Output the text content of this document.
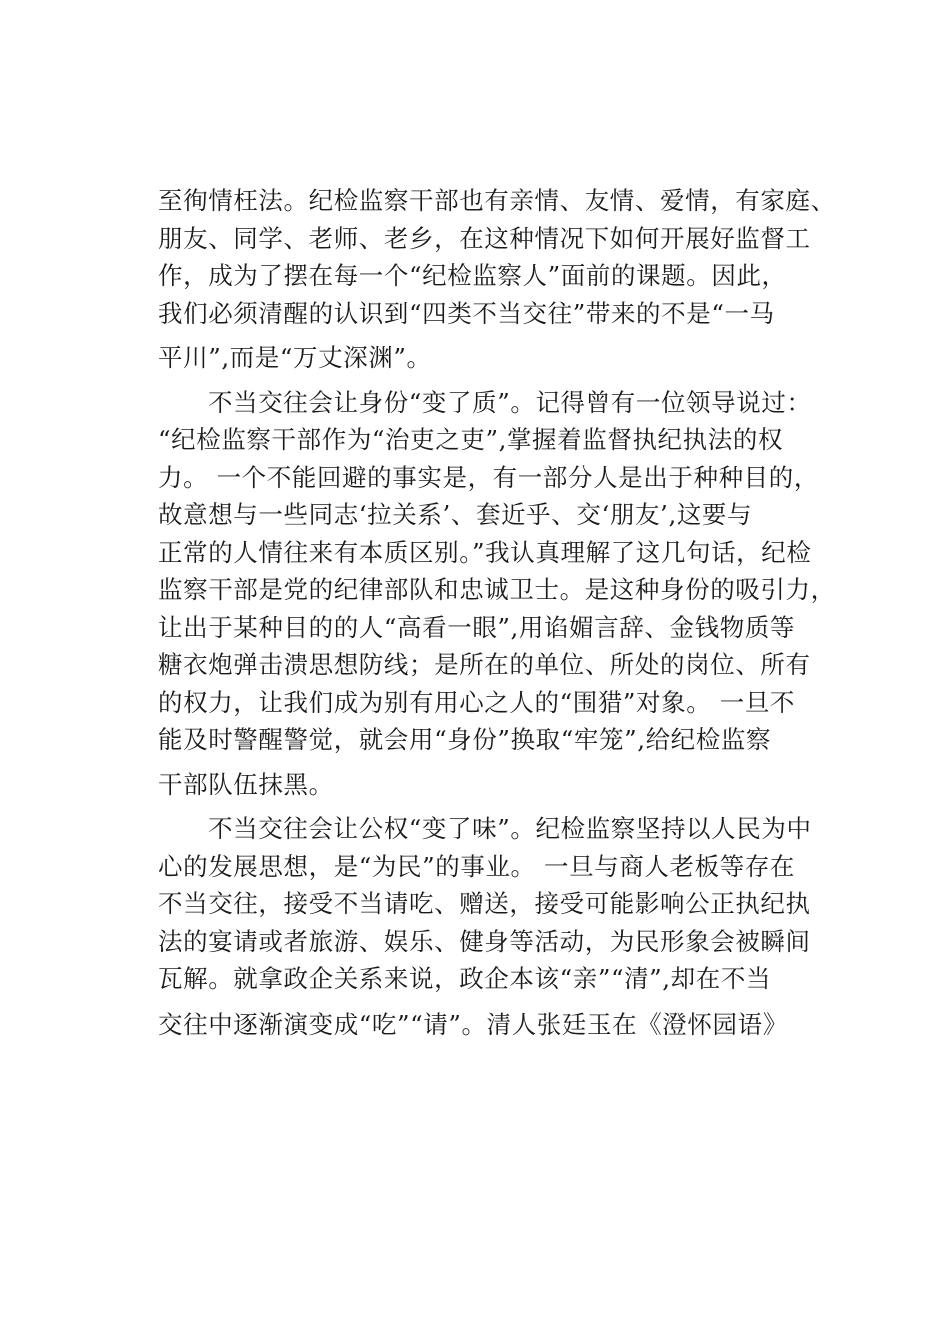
至徇情枉法。纪检监察干部也有亲情、友情、爱情，有家庭、
朋友、同学、老师、老乡，在这种情况下如何开展好监督工
作，成为了摆在每一个“纪检监察人”面前的课题。因此，
我们必须清醒的认识到“四类不当交往”带来的不是“一马
平川”,而是“万丈深渊”。
不当交往会让身份“变了质”。记得曾有一位领导说过：
“纪检监察干部作为“治吏之吏”,掌握着监督执纪执法的权
力。 一个不能回避的事实是，有一部分人是出于种种目的，
故意想与一些同志‘拉关系’、套近乎、交‘朋友’,这要与
正常的人情往来有本质区别。”我认真理解了这几句话，纪检
监察干部是党的纪律部队和忠诚卫士。是这种身份的吸引力，
让出于某种目的的人“高看一眼”,用谄媚言辞、金钱物质等
糖衣炮弹击溃思想防线；是所在的单位、所处的岗位、所有
的权力，让我们成为别有用心之人的“围猎”对象。 一旦不
能及时警醒警觉，就会用“身份”换取“牢笼”,给纪检监察
干部队伍抹黑。
不当交往会让公权“变了味”。纪检监察坚持以人民为中
心的发展思想，是“为民”的事业。 一旦与商人老板等存在
不当交往，接受不当请吃、赠送，接受可能影响公正执纪执
法的宴请或者旅游、娱乐、健身等活动，为民形象会被瞬间
瓦解。就拿政企关系来说，政企本该“亲”“清”,却在不当
交往中逐渐演变成“吃”“请”。清人张廷玉在《澄怀园语》
